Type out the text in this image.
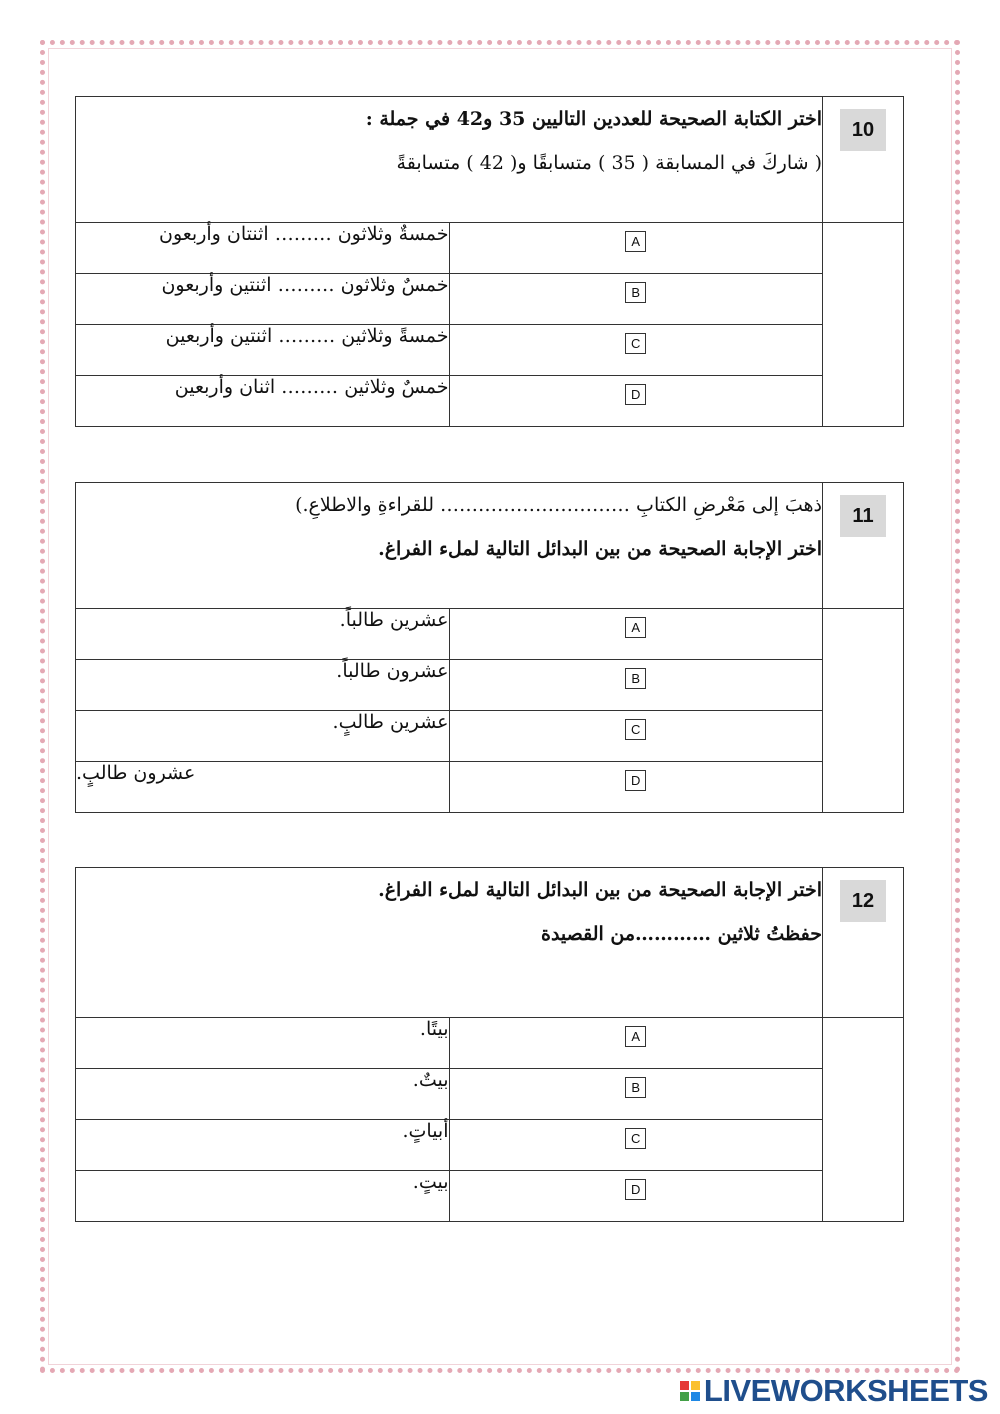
10	اختر الكتابة الصحيحة للعددين التاليين 35 و42 في جملة :
( شاركَ في المسابقة ( 35 ) متسابقًا و( 42 ) متسابقةً	

	A	خمسةٌ وثلاثون ……… اثنتان وأربعون

	B	خمسٌ وثلاثون ……… اثنتين وأربعون

	C	خمسةً وثلاثين ……… اثنتين وأربعين

	D	خمسٌ وثلاثين ……… اثنان وأربعين
11	ذهبَ إلى مَعْرضِ الكتابِ ………………………… للقراءةِ والاطلاعِ.)
اختر الإجابة الصحيحة من بين البدائل التالية لملء الفراغ.	

	A	عشرين طالباً.

	B	عشرون طالباً.

	C	عشرين طالبٍ.

	D	عشرون طالبٍ.
12	اختر الإجابة الصحيحة من بين البدائل التالية لملء الفراغ.
حفظتُ ثلاثين …………من القصيدة	

	A	بيتًا.

	B	بيتٌ.

	C	أبياتٍ.

	D	بيتٍ.
LIVEWORKSHEETS
